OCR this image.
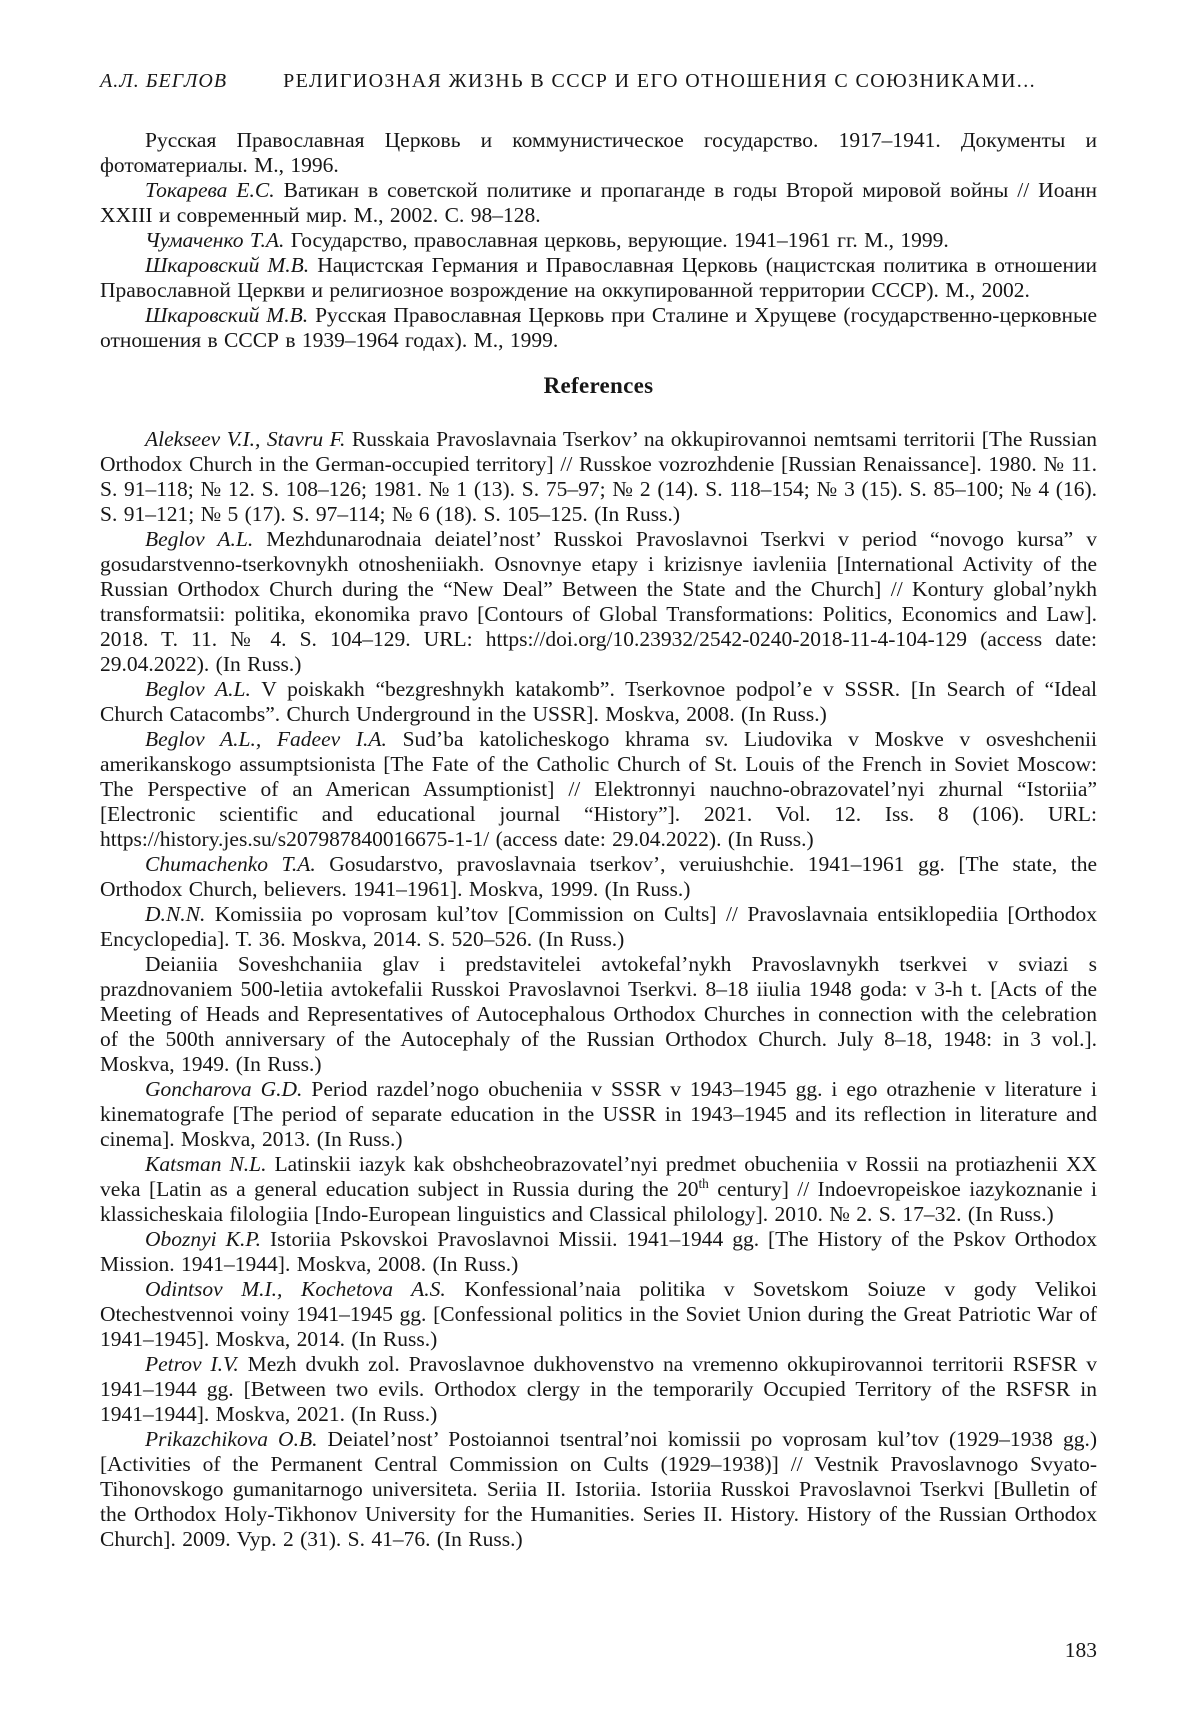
А.Л. БЕГЛОВ	РЕЛИГИОЗНАЯ ЖИЗНЬ В СССР И ЕГО ОТНОШЕНИЯ С СОЮЗНИКАМИ...

Русская Православная Церковь и коммунистическое государство. 1917–1941. Документы и фотоматериалы. М., 1996.

Токарева Е.С. Ватикан в советской политике и пропаганде в годы Второй мировой войны // Иоанн XXIII и современный мир. М., 2002. С. 98–128.

Чумаченко Т.А. Государство, православная церковь, верующие. 1941–1961 гг. М., 1999.

Шкаровский М.В. Нацистская Германия и Православная Церковь (нацистская политика в отношении Православной Церкви и религиозное возрождение на оккупированной территории СССР). М., 2002.

Шкаровский М.В. Русская Православная Церковь при Сталине и Хрущеве (государственно-церковные отношения в СССР в 1939–1964 годах). М., 1999.

References

Alekseev V.I., Stavru F. Russkaia Pravoslavnaia Tserkov’ na okkupirovannoi nemtsami territorii [The Russian Orthodox Church in the German-occupied territory] // Russkoe vozrozhdenie [Russian Renaissance]. 1980. № 11. S. 91–118; № 12. S. 108–126; 1981. № 1 (13). S. 75–97; № 2 (14). S. 118–154; № 3 (15). S. 85–100; № 4 (16). S. 91–121; № 5 (17). S. 97–114; № 6 (18). S. 105–125. (In Russ.)

Beglov A.L. Mezhdunarodnaia deiatel’nost’ Russkoi Pravoslavnoi Tserkvi v period “novogo kursa” v gosudarstvenno-tserkovnykh otnosheniiakh. Osnovnye etapy i krizisnye iavleniia [International Activity of the Russian Orthodox Church during the “New Deal” Between the State and the Church] // Kontury global’nykh transformatsii: politika, ekonomika pravo [Contours of Global Transformations: Politics, Economics and Law]. 2018. T. 11. № 4. S. 104–129. URL: https://doi.org/10.23932/2542-0240-2018-11-4-104-129 (access date: 29.04.2022). (In Russ.)

Beglov A.L. V poiskakh “bezgreshnykh katakomb”. Tserkovnoe podpol’e v SSSR. [In Search of “Ideal Church Catacombs”. Church Underground in the USSR]. Moskva, 2008. (In Russ.)

Beglov A.L., Fadeev I.A. Sud’ba katolicheskogo khrama sv. Liudovika v Moskve v osveshchenii amerikanskogo assumptsionista [The Fate of the Catholic Church of St. Louis of the French in Soviet Moscow: The Perspective of an American Assumptionist] // Elektronnyi nauchno-obrazovatel’nyi zhurnal “Istoriia” [Electronic scientific and educational journal “History”]. 2021. Vol. 12. Iss. 8 (106). URL: https://history.jes.su/s207987840016675-1-1/ (access date: 29.04.2022). (In Russ.)

Chumachenko T.A. Gosudarstvo, pravoslavnaia tserkov’, veruiushchie. 1941–1961 gg. [The state, the Orthodox Church, believers. 1941–1961]. Moskva, 1999. (In Russ.)

D.N.N. Komissiia po voprosam kul’tov [Commission on Cults] // Pravoslavnaia entsiklopediia [Orthodox Encyclopedia]. T. 36. Moskva, 2014. S. 520–526. (In Russ.)

Deianiia Soveshchaniia glav i predstavitelei avtokefal’nykh Pravoslavnykh tserkvei v sviazi s prazdnovaniem 500-letiia avtokefalii Russkoi Pravoslavnoi Tserkvi. 8–18 iiulia 1948 goda: v 3-h t. [Acts of the Meeting of Heads and Representatives of Autocephalous Orthodox Churches in connection with the celebration of the 500th anniversary of the Autocephaly of the Russian Orthodox Church. July 8–18, 1948: in 3 vol.]. Moskva, 1949. (In Russ.)

Goncharova G.D. Period razdel’nogo obucheniia v SSSR v 1943–1945 gg. i ego otrazhenie v literature i kinematografe [The period of separate education in the USSR in 1943–1945 and its reflection in literature and cinema]. Moskva, 2013. (In Russ.)

Katsman N.L. Latinskii iazyk kak obshcheobrazovatel’nyi predmet obucheniia v Rossii na protiazhenii XX veka [Latin as a general education subject in Russia during the 20th century] // Indoevropeiskoe iazykoznanie i klassicheskaia filologiia [Indo-European linguistics and Classical philology]. 2010. № 2. S. 17–32. (In Russ.)

Oboznyi K.P. Istoriia Pskovskoi Pravoslavnoi Missii. 1941–1944 gg. [The History of the Pskov Orthodox Mission. 1941–1944]. Moskva, 2008. (In Russ.)

Odintsov M.I., Kochetova A.S. Konfessional’naia politika v Sovetskom Soiuze v gody Velikoi Otechestvennoi voiny 1941–1945 gg. [Confessional politics in the Soviet Union during the Great Patriotic War of 1941–1945]. Moskva, 2014. (In Russ.)

Petrov I.V. Mezh dvukh zol. Pravoslavnoe dukhovenstvo na vremenno okkupirovannoi territorii RSFSR v 1941–1944 gg. [Between two evils. Orthodox clergy in the temporarily Occupied Territory of the RSFSR in 1941–1944]. Moskva, 2021. (In Russ.)

Prikazchikova O.B. Deiatel’nost’ Postoiannoi tsentral’noi komissii po voprosam kul’tov (1929–1938 gg.) [Activities of the Permanent Central Commission on Cults (1929–1938)] // Vestnik Pravoslavnogo Svyato-Tihonovskogo gumanitarnogo universiteta. Seriia II. Istoriia. Istoriia Russkoi Pravoslavnoi Tserkvi [Bulletin of the Orthodox Holy-Tikhonov University for the Humanities. Series II. History. History of the Russian Orthodox Church]. 2009. Vyp. 2 (31). S. 41–76. (In Russ.)

183
